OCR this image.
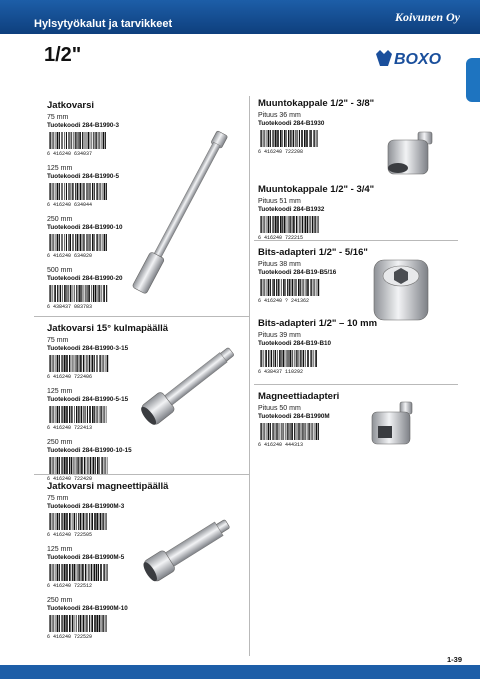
Hylsytyökalut ja tarvikkeet	Koivunen Oy
1/2"	BOXO
Jatkovarsi
75 mm
Tuotekoodi 284-B1990-3
6 416240 634037
125 mm
Tuotekoodi 284-B1990-5
6 416240 634044
250 mm
Tuotekoodi 284-B1990-10
6 416240 634020
500 mm
Tuotekoodi 284-B1990-20
6 438437 083783
Jatkovarsi 15° kulmapäällä
75 mm
Tuotekoodi 284-B1990-3-15
6 416240 722406
125 mm
Tuotekoodi 284-B1990-5-15
6 416240 722413
250 mm
Tuotekoodi 284-B1990-10-15
6 416240 722420
Jatkovarsi magneettipäällä
75 mm
Tuotekoodi 284-B1990M-3
6 416240 722505
125 mm
Tuotekoodi 284-B1990M-5
6 416240 722512
250 mm
Tuotekoodi 284-B1990M-10
6 416240 722529
Muuntokappale 1/2" - 3/8"
Pituus 36 mm
Tuotekoodi 284-B1930
6 416240 722208
Muuntokappale 1/2" - 3/4"
Pituus 51 mm
Tuotekoodi 284-B1932
6 416240 722215
Bits-adapteri 1/2" - 5/16"
Pituus 38 mm
Tuotekoodi 284-B19-B5/16
6 416240 ? 241362
Bits-adapteri 1/2" – 10 mm
Pituus 39 mm
Tuotekoodi 284-B19-B10
6 438437 110292
Magneettiadapteri
Pituus 50 mm
Tuotekoodi 284-B1990M
6 416240 444313
1-39
